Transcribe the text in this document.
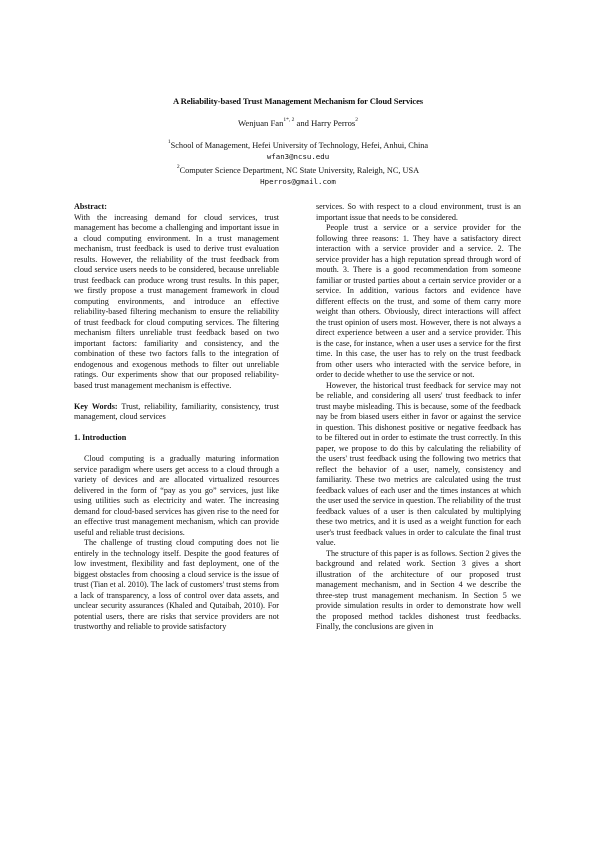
A Reliability-based Trust Management Mechanism for Cloud Services
Wenjuan Fan$^{1*, 2}$ and Harry Perros$^2$
$^1$School of Management, Hefei University of Technology, Hefei, Anhui, China
wfan3@ncsu.edu
$^2$Computer Science Department, NC State University, Raleigh, NC, USA
Hperros@gmail.com

Abstract:

With the increasing demand for cloud services, trust management has become a challenging and important issue in a cloud computing environment. In a trust management mechanism, trust feedback is used to derive trust evaluation results. However, the reliability of the trust feedback from cloud service users needs to be considered, because unreliable trust feedback can produce wrong trust results. In this paper, we firstly propose a trust management framework in cloud computing environments, and introduce an effective reliability-based filtering mechanism to ensure the reliability of trust feedback for cloud computing services. The filtering mechanism filters unreliable trust feedback based on two important factors: familiarity and consistency, and the combination of these two factors falls to the integration of endogenous and exogenous methods to filter out unreliable ratings. Our experiments show that our proposed reliability-based trust management mechanism is effective.

Key Words: Trust, reliability, familiarity, consistency, trust management, cloud services

1. Introduction

Cloud computing is a gradually maturing information service paradigm where users get access to a cloud through a variety of devices and are allocated virtualized resources delivered in the form of “pay as you go” services, just like using utilities such as electricity and water. The increasing demand for cloud-based services has given rise to the need for an effective trust management mechanism, which can provide useful and reliable trust decisions.

The challenge of trusting cloud computing does not lie entirely in the technology itself. Despite the good features of low investment, flexibility and fast deployment, one of the biggest obstacles from choosing a cloud service is the issue of trust (Tian et al. 2010). The lack of customers' trust stems from a lack of transparency, a loss of control over data assets, and unclear security assurances (Khaled and Qutaibah, 2010). For potential users, there are risks that service providers are not trustworthy and reliable to provide satisfactory

services. So with respect to a cloud environment, trust is an important issue that needs to be considered.

People trust a service or a service provider for the following three reasons: 1. They have a satisfactory direct interaction with a service provider and a service. 2. The service provider has a high reputation spread through word of mouth. 3. There is a good recommendation from someone familiar or trusted parties about a certain service provider or a service. In addition, various factors and evidence have different effects on the trust, and some of them carry more weight than others. Obviously, direct interactions will affect the trust opinion of users most. However, there is not always a direct experience between a user and a service provider. This is the case, for instance, when a user uses a service for the first time. In this case, the user has to rely on the trust feedback from other users who interacted with the service before, in order to decide whether to use the service or not.

However, the historical trust feedback for service may not be reliable, and considering all users' trust feedback to infer trust maybe misleading. This is because, some of the feedback nay be from biased users either in favor or against the service in question. This dishonest positive or negative feedback has to be filtered out in order to estimate the trust correctly. In this paper, we propose to do this by calculating the reliability of the users' trust feedback using the following two metrics that reflect the behavior of a user, namely, consistency and familiarity. These two metrics are calculated using the trust feedback values of each user and the times instances at which the user used the service in question. The reliability of the trust feedback values of a user is then calculated by multiplying these two metrics, and it is used as a weight function for each user's trust feedback values in order to calculate the final trust value.

The structure of this paper is as follows. Section 2 gives the background and related work. Section 3 gives a short illustration of the architecture of our proposed trust management mechanism, and in Section 4 we describe the three-step trust management mechanism. In Section 5 we provide simulation results in order to demonstrate how well the proposed method tackles dishonest trust feedbacks. Finally, the conclusions are given in
